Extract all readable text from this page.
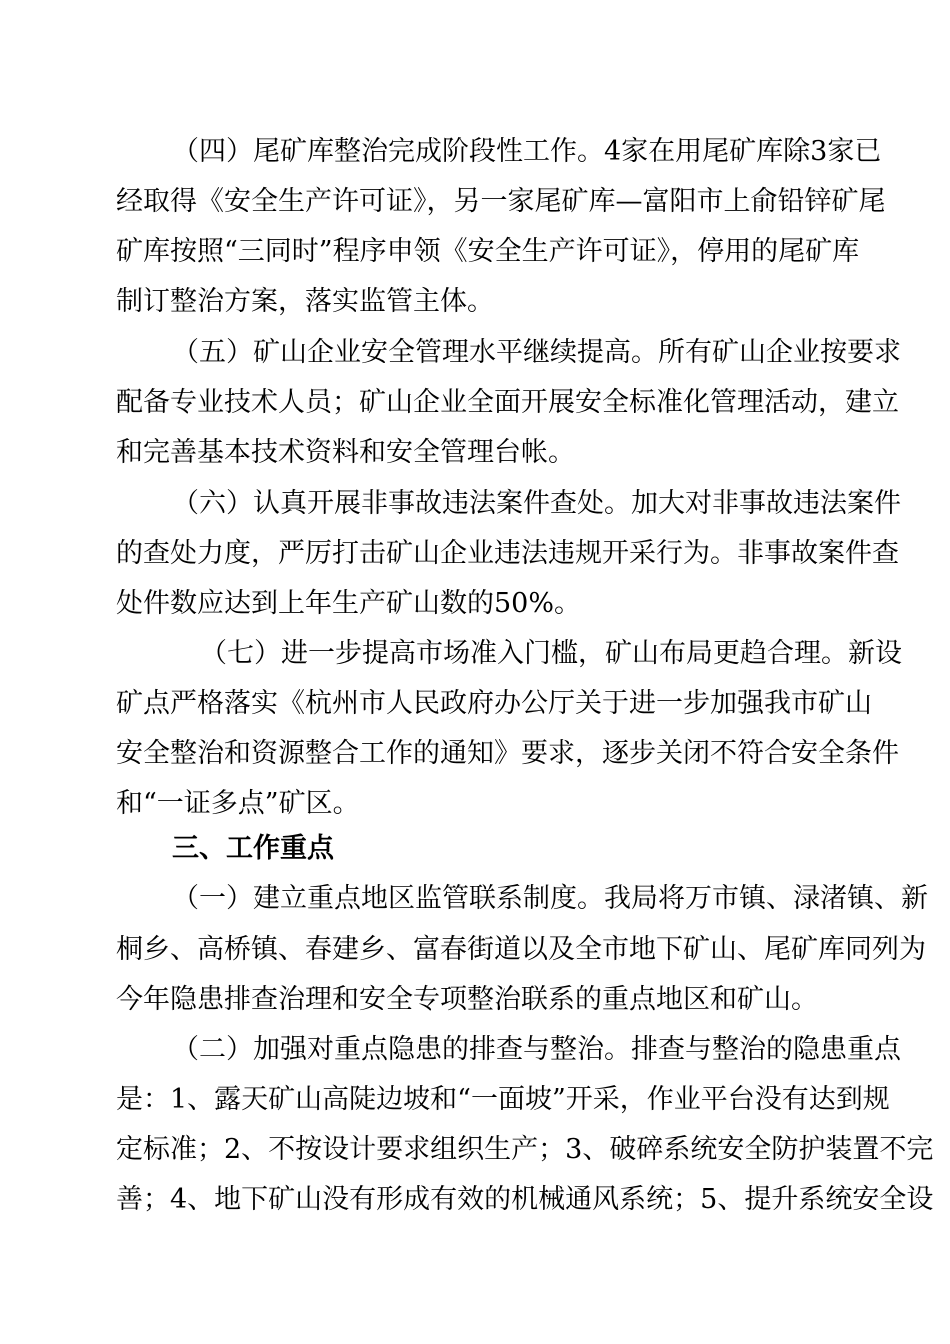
（四）尾矿库整治完成阶段性工作。4家在用尾矿库除3家已
经取得《安全生产许可证》，另一家尾矿库—富阳市上俞铅锌矿尾
矿库按照“三同时”程序申领《安全生产许可证》，停用的尾矿库
制订整治方案，落实监管主体。
（五）矿山企业安全管理水平继续提高。所有矿山企业按要求
配备专业技术人员；矿山企业全面开展安全标准化管理活动，建立
和完善基本技术资料和安全管理台帐。
（六）认真开展非事故违法案件查处。加大对非事故违法案件
的查处力度，严厉打击矿山企业违法违规开采行为。非事故案件查
处件数应达到上年生产矿山数的50%。
（七）进一步提高市场准入门槛，矿山布局更趋合理。新设
矿点严格落实《杭州市人民政府办公厅关于进一步加强我市矿山
安全整治和资源整合工作的通知》要求，逐步关闭不符合安全条件
和“一证多点”矿区。
三、工作重点
（一）建立重点地区监管联系制度。我局将万市镇、渌渚镇、新
桐乡、高桥镇、春建乡、富春街道以及全市地下矿山、尾矿库同列为
今年隐患排查治理和安全专项整治联系的重点地区和矿山。
（二）加强对重点隐患的排查与整治。排查与整治的隐患重点
是：1、露天矿山高陡边坡和“一面坡”开采，作业平台没有达到规
定标准；2、不按设计要求组织生产；3、破碎系统安全防护装置不完
善；4、地下矿山没有形成有效的机械通风系统；5、提升系统安全设
